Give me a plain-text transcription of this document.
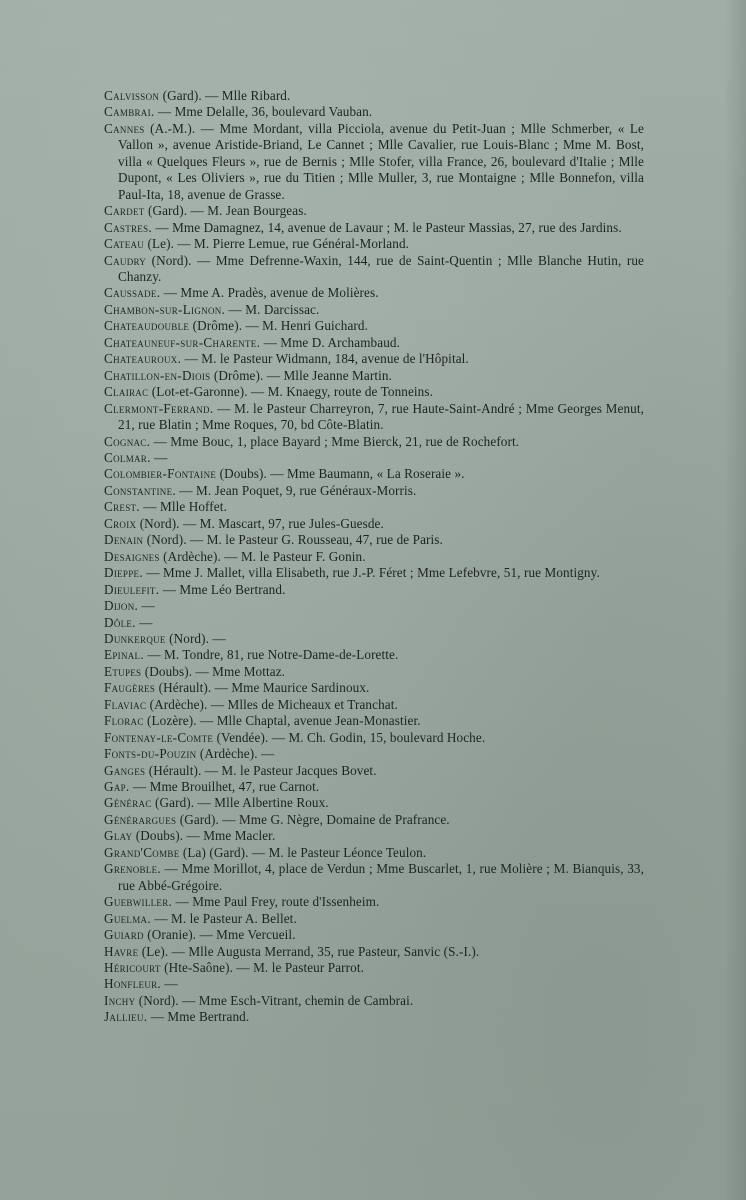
Calvisson (Gard). — Mlle Ribard.
Cambrai. — Mme Delalle, 36, boulevard Vauban.
Cannes (A.-M.). — Mme Mordant, villa Picciola, avenue du Petit-Juan ; Mlle Schmerber, « Le Vallon », avenue Aristide-Briand, Le Cannet ; Mlle Cavalier, rue Louis-Blanc ; Mme M. Bost, villa « Quelques Fleurs », rue de Bernis ; Mlle Stofer, villa France, 26, boulevard d'Italie ; Mlle Dupont, « Les Oliviers », rue du Titien ; Mlle Muller, 3, rue Montaigne ; Mlle Bonnefon, villa Paul-Ita, 18, avenue de Grasse.
Cardet (Gard). — M. Jean Bourgeas.
Castres. — Mme Damagnez, 14, avenue de Lavaur ; M. le Pasteur Massias, 27, rue des Jardins.
Cateau (Le). — M. Pierre Lemue, rue Général-Morland.
Caudry (Nord). — Mme Defrenne-Waxin, 144, rue de Saint-Quentin ; Mlle Blanche Hutin, rue Chanzy.
Caussade. — Mme A. Pradès, avenue de Molières.
Chambon-sur-Lignon. — M. Darcissac.
Chateaudouble (Drôme). — M. Henri Guichard.
Chateauneuf-sur-Charente. — Mme D. Archambaud.
Chateauroux. — M. le Pasteur Widmann, 184, avenue de l'Hôpital.
Chatillon-en-Diois (Drôme). — Mlle Jeanne Martin.
Clairac (Lot-et-Garonne). — M. Knaegy, route de Tonneins.
Clermont-Ferrand. — M. le Pasteur Charreyron, 7, rue Haute-Saint-André ; Mme Georges Menut, 21, rue Blatin ; Mme Roques, 70, bd Côte-Blatin.
Cognac. — Mme Bouc, 1, place Bayard ; Mme Bierck, 21, rue de Rochefort.
Colmar. —
Colombier-Fontaine (Doubs). — Mme Baumann, « La Roseraie ».
Constantine. — M. Jean Poquet, 9, rue Généraux-Morris.
Crest. — Mlle Hoffet.
Croix (Nord). — M. Mascart, 97, rue Jules-Guesde.
Denain (Nord). — M. le Pasteur G. Rousseau, 47, rue de Paris.
Desaignes (Ardèche). — M. le Pasteur F. Gonin.
Dieppe. — Mme J. Mallet, villa Elisabeth, rue J.-P. Féret ; Mme Lefebvre, 51, rue Montigny.
Dieulefit. — Mme Léo Bertrand.
Dijon. —
Dôle. —
Dunkerque (Nord). —
Epinal. — M. Tondre, 81, rue Notre-Dame-de-Lorette.
Etupes (Doubs). — Mme Mottaz.
Faugères (Hérault). — Mme Maurice Sardinoux.
Flaviac (Ardèche). — Mlles de Micheaux et Tranchat.
Florac (Lozère). — Mlle Chaptal, avenue Jean-Monastier.
Fontenay-le-Comte (Vendée). — M. Ch. Godin, 15, boulevard Hoche.
Fonts-du-Pouzin (Ardèche). —
Ganges (Hérault). — M. le Pasteur Jacques Bovet.
Gap. — Mme Brouilhet, 47, rue Carnot.
Générac (Gard). — Mlle Albertine Roux.
Générargues (Gard). — Mme G. Nègre, Domaine de Prafrance.
Glay (Doubs). — Mme Macler.
Grand'Combe (La) (Gard). — M. le Pasteur Léonce Teulon.
Grenoble. — Mme Morillot, 4, place de Verdun ; Mme Buscarlet, 1, rue Molière ; M. Bianquis, 33, rue Abbé-Grégoire.
Guebwiller. — Mme Paul Frey, route d'Issenheim.
Guelma. — M. le Pasteur A. Bellet.
Guiard (Oranie). — Mme Vercueil.
Havre (Le). — Mlle Augusta Merrand, 35, rue Pasteur, Sanvic (S.-I.).
Héricourt (Hte-Saône). — M. le Pasteur Parrot.
Honfleur. —
Inchy (Nord). — Mme Esch-Vitrant, chemin de Cambrai.
Jallieu. — Mme Bertrand.
